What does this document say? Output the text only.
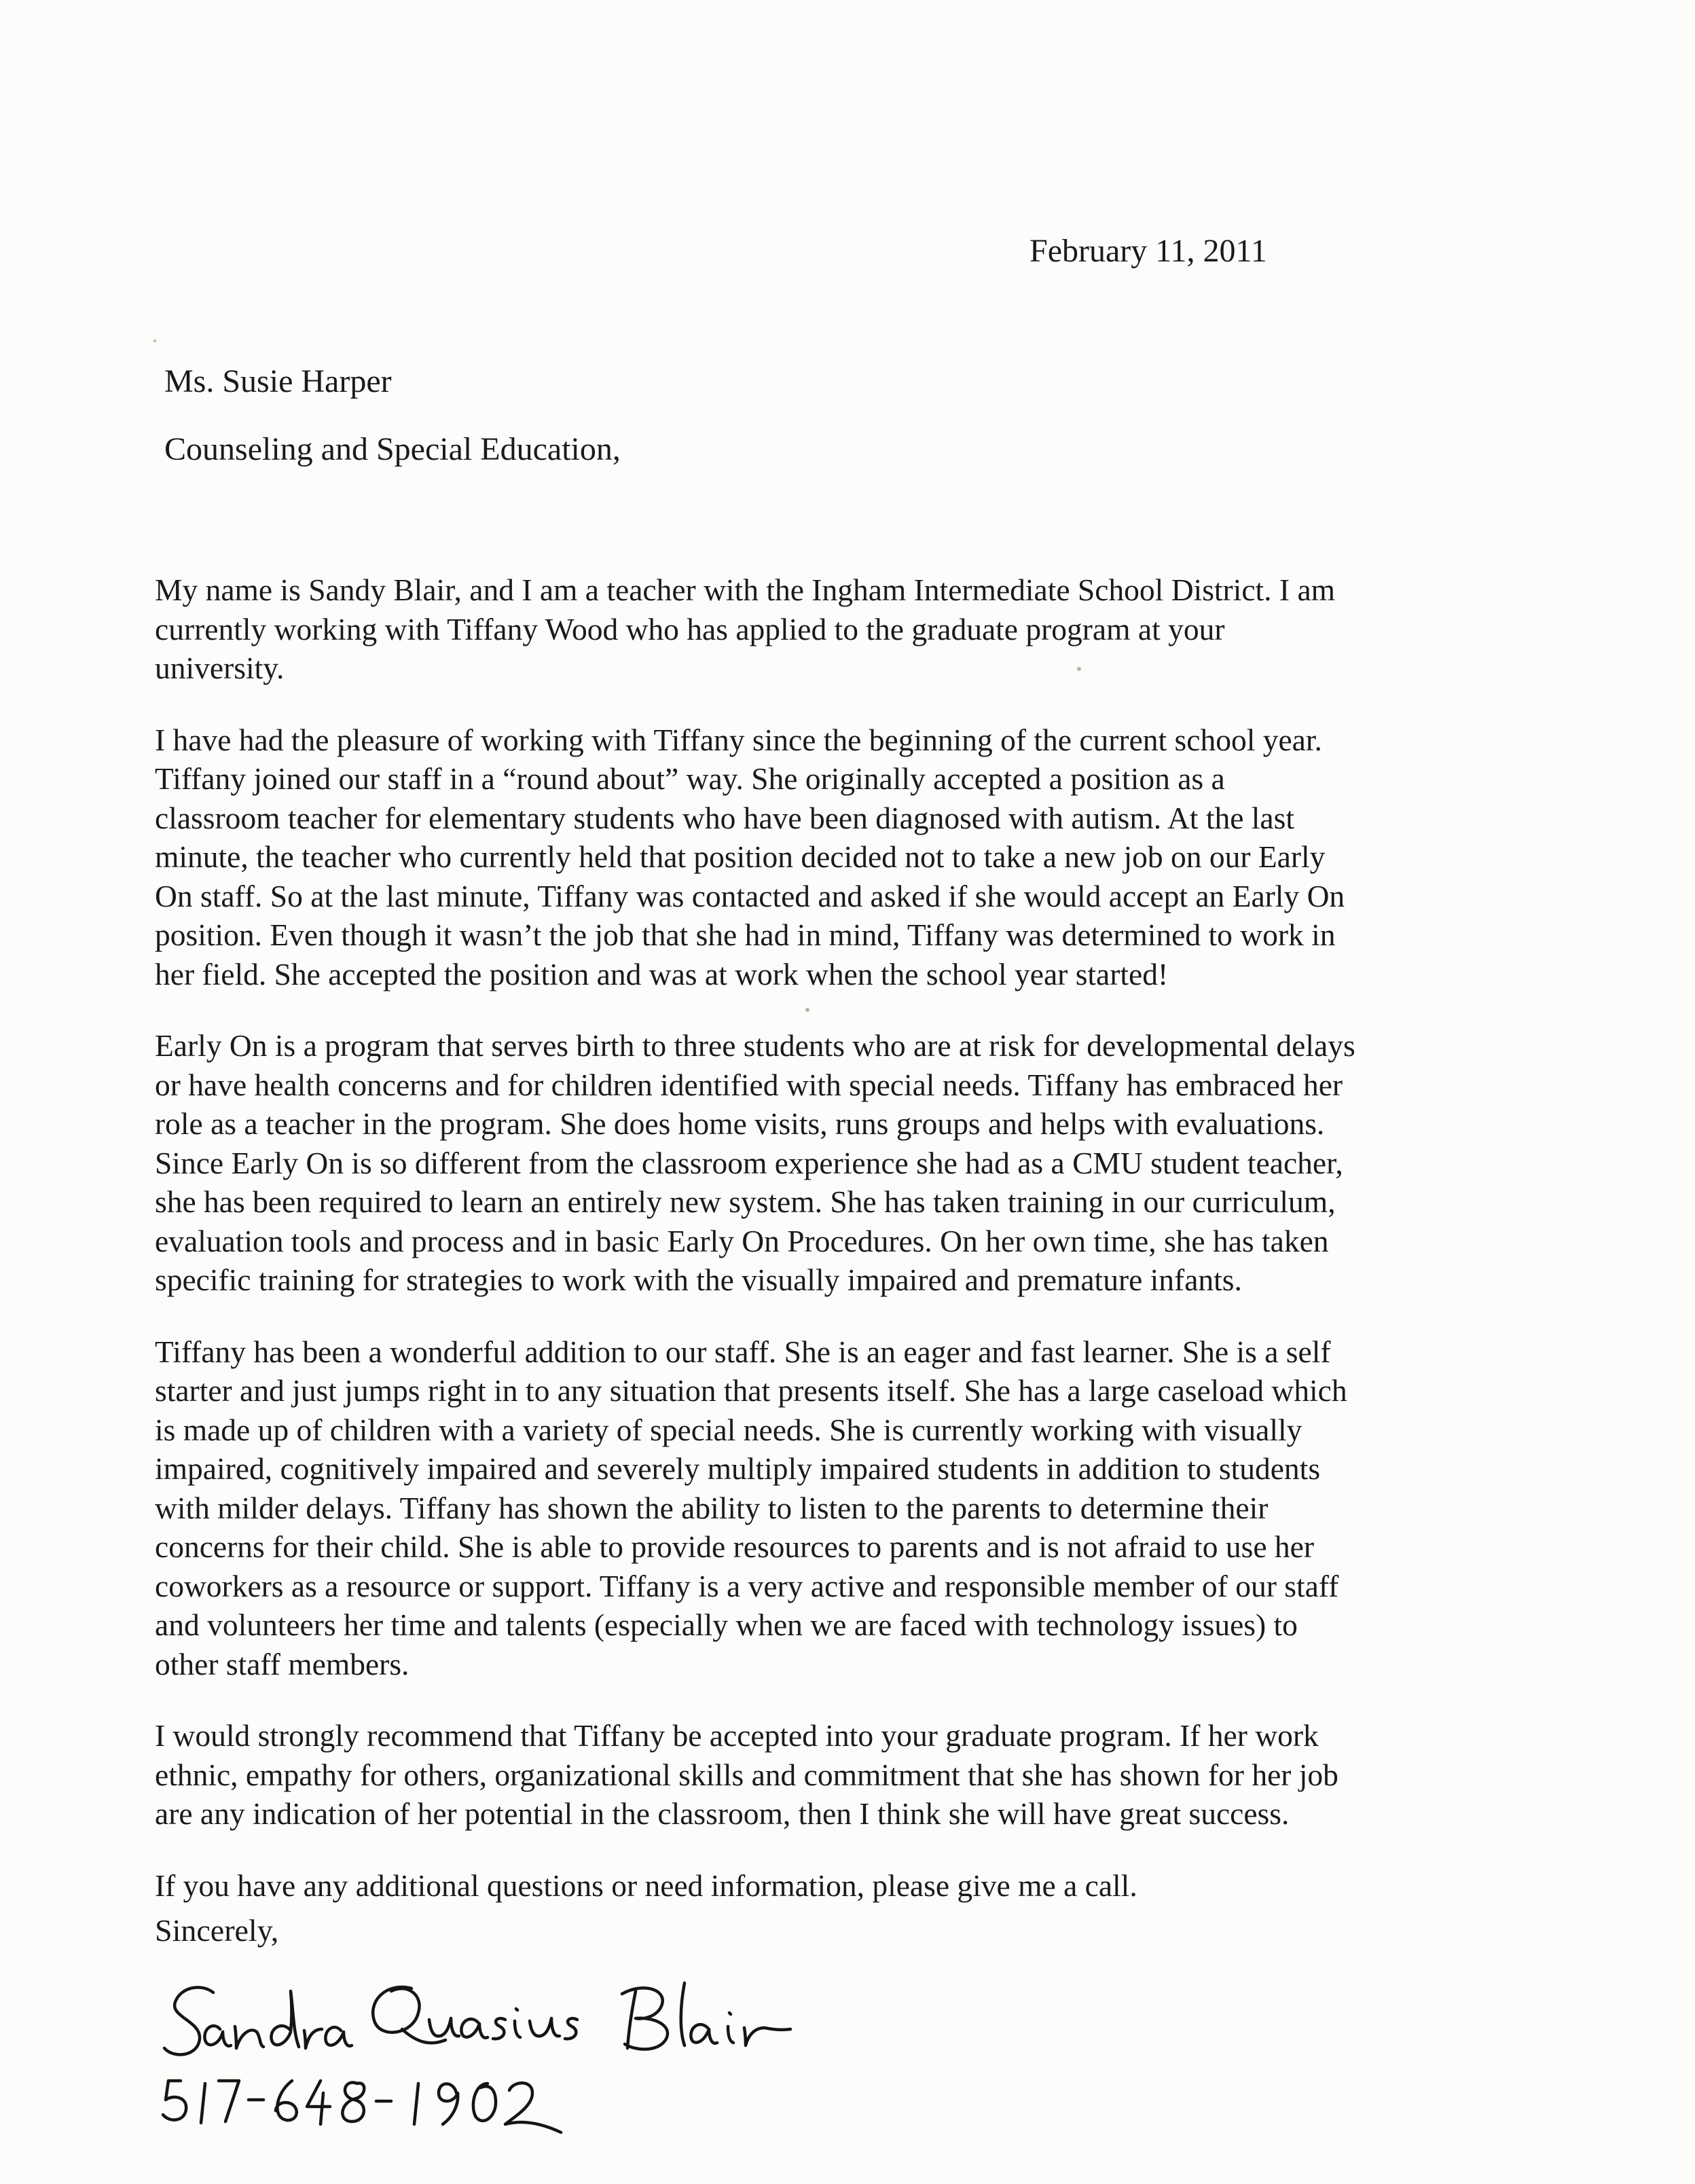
February 11, 2011
Ms. Susie Harper
Counseling and Special Education,

My name is Sandy Blair, and I am a teacher with the Ingham Intermediate School District. I am
currently working with Tiffany Wood who has applied to the graduate program at your
university.

I have had the pleasure of working with Tiffany since the beginning of the current school year.
Tiffany joined our staff in a “round about” way. She originally accepted a position as a
classroom teacher for elementary students who have been diagnosed with autism. At the last
minute, the teacher who currently held that position decided not to take a new job on our Early
On staff. So at the last minute, Tiffany was contacted and asked if she would accept an Early On
position. Even though it wasn’t the job that she had in mind, Tiffany was determined to work in
her field. She accepted the position and was at work when the school year started!

Early On is a program that serves birth to three students who are at risk for developmental delays
or have health concerns and for children identified with special needs. Tiffany has embraced her
role as a teacher in the program. She does home visits, runs groups and helps with evaluations.
Since Early On is so different from the classroom experience she had as a CMU student teacher,
she has been required to learn an entirely new system. She has taken training in our curriculum,
evaluation tools and process and in basic Early On Procedures. On her own time, she has taken
specific training for strategies to work with the visually impaired and premature infants.

Tiffany has been a wonderful addition to our staff. She is an eager and fast learner. She is a self
starter and just jumps right in to any situation that presents itself. She has a large caseload which
is made up of children with a variety of special needs. She is currently working with visually
impaired, cognitively impaired and severely multiply impaired students in addition to students
with milder delays. Tiffany has shown the ability to listen to the parents to determine their
concerns for their child. She is able to provide resources to parents and is not afraid to use her
coworkers as a resource or support. Tiffany is a very active and responsible member of our staff
and volunteers her time and talents (especially when we are faced with technology issues) to
other staff members.

I would strongly recommend that Tiffany be accepted into your graduate program. If her work
ethnic, empathy for others, organizational skills and commitment that she has shown for her job
are any indication of her potential in the classroom, then I think she will have great success.

If you have any additional questions or need information, please give me a call.

Sincerely,
